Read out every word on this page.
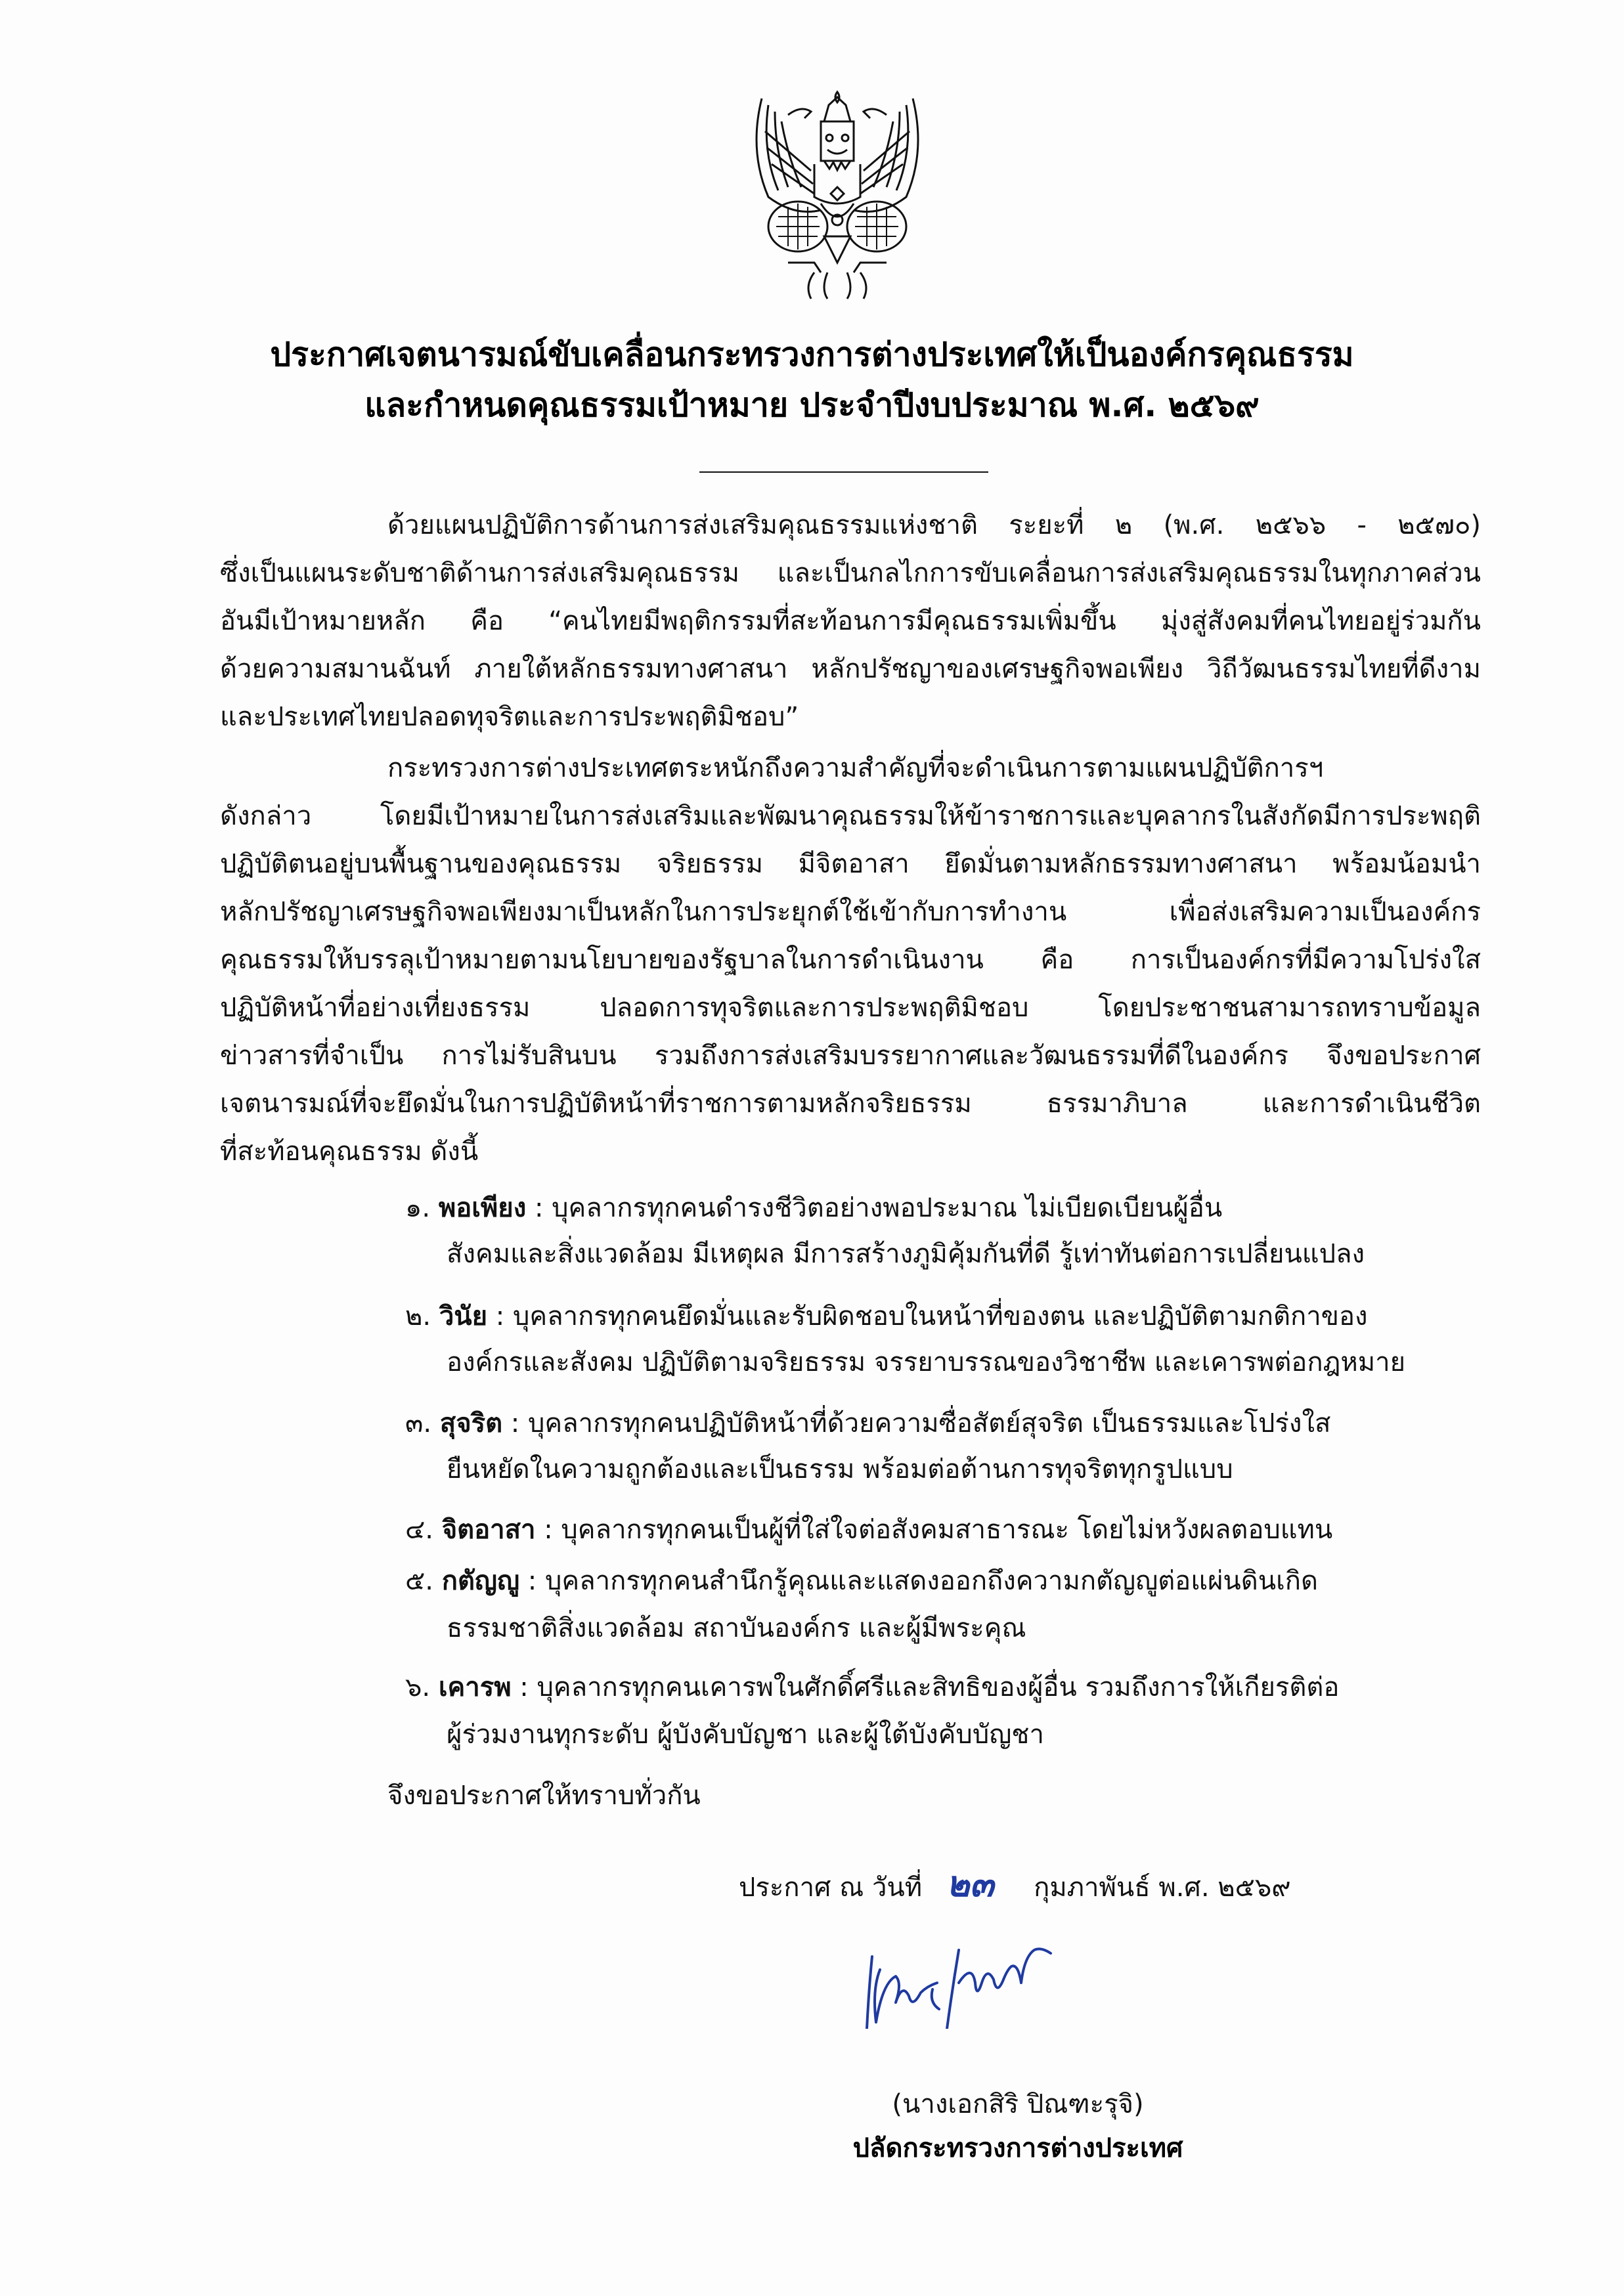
ประกาศเจตนารมณ์ขับเคลื่อนกระทรวงการต่างประเทศให้เป็นองค์กรคุณธรรม
และกำหนดคุณธรรมเป้าหมาย ประจำปีงบประมาณ พ.ศ. ๒๕๖๙
ด้วยแผนปฏิบัติการด้านการส่งเสริมคุณธรรมแห่งชาติ ระยะที่ ๒ (พ.ศ. ๒๕๖๖ - ๒๕๗๐)
ซึ่งเป็นแผนระดับชาติด้านการส่งเสริมคุณธรรม และเป็นกลไกการขับเคลื่อนการส่งเสริมคุณธรรมในทุกภาคส่วน
อันมีเป้าหมายหลัก คือ “คนไทยมีพฤติกรรมที่สะท้อนการมีคุณธรรมเพิ่มขึ้น มุ่งสู่สังคมที่คนไทยอยู่ร่วมกัน
ด้วยความสมานฉันท์ ภายใต้หลักธรรมทางศาสนา หลักปรัชญาของเศรษฐกิจพอเพียง วิถีวัฒนธรรมไทยที่ดีงาม
และประเทศไทยปลอดทุจริตและการประพฤติมิชอบ”
กระทรวงการต่างประเทศตระหนักถึงความสำคัญที่จะดำเนินการตามแผนปฏิบัติการฯ
ดังกล่าว โดยมีเป้าหมายในการส่งเสริมและพัฒนาคุณธรรมให้ข้าราชการและบุคลากรในสังกัดมีการประพฤติ
ปฏิบัติตนอยู่บนพื้นฐานของคุณธรรม จริยธรรม มีจิตอาสา ยึดมั่นตามหลักธรรมทางศาสนา พร้อมน้อมนำ
หลักปรัชญาเศรษฐกิจพอเพียงมาเป็นหลักในการประยุกต์ใช้เข้ากับการทำงาน เพื่อส่งเสริมความเป็นองค์กร
คุณธรรมให้บรรลุเป้าหมายตามนโยบายของรัฐบาลในการดำเนินงาน คือ การเป็นองค์กรที่มีความโปร่งใส
ปฏิบัติหน้าที่อย่างเที่ยงธรรม ปลอดการทุจริตและการประพฤติมิชอบ โดยประชาชนสามารถทราบข้อมูล
ข่าวสารที่จำเป็น การไม่รับสินบน รวมถึงการส่งเสริมบรรยากาศและวัฒนธรรมที่ดีในองค์กร จึงขอประกาศ
เจตนารมณ์ที่จะยึดมั่นในการปฏิบัติหน้าที่ราชการตามหลักจริยธรรม ธรรมาภิบาล และการดำเนินชีวิต
ที่สะท้อนคุณธรรม ดังนี้
๑. พอเพียง : บุคลากรทุกคนดำรงชีวิตอย่างพอประมาณ ไม่เบียดเบียนผู้อื่น
สังคมและสิ่งแวดล้อม มีเหตุผล มีการสร้างภูมิคุ้มกันที่ดี รู้เท่าทันต่อการเปลี่ยนแปลง
๒. วินัย : บุคลากรทุกคนยึดมั่นและรับผิดชอบในหน้าที่ของตน และปฏิบัติตามกติกาของ
องค์กรและสังคม ปฏิบัติตามจริยธรรม จรรยาบรรณของวิชาชีพ และเคารพต่อกฎหมาย
๓. สุจริต : บุคลากรทุกคนปฏิบัติหน้าที่ด้วยความซื่อสัตย์สุจริต เป็นธรรมและโปร่งใส
ยืนหยัดในความถูกต้องและเป็นธรรม พร้อมต่อต้านการทุจริตทุกรูปแบบ
๔. จิตอาสา : บุคลากรทุกคนเป็นผู้ที่ใส่ใจต่อสังคมสาธารณะ โดยไม่หวังผลตอบแทน
๕. กตัญญู : บุคลากรทุกคนสำนึกรู้คุณและแสดงออกถึงความกตัญญูต่อแผ่นดินเกิด
ธรรมชาติสิ่งแวดล้อม สถาบันองค์กร และผู้มีพระคุณ
๖. เคารพ : บุคลากรทุกคนเคารพในศักดิ์ศรีและสิทธิของผู้อื่น รวมถึงการให้เกียรติต่อ
ผู้ร่วมงานทุกระดับ ผู้บังคับบัญชา และผู้ใต้บังคับบัญชา
จึงขอประกาศให้ทราบทั่วกัน
ประกาศ ณ วันที่ ๒๓ กุมภาพันธ์ พ.ศ. ๒๕๖๙
(นางเอกสิริ ปิณฑะรุจิ)
ปลัดกระทรวงการต่างประเทศ
